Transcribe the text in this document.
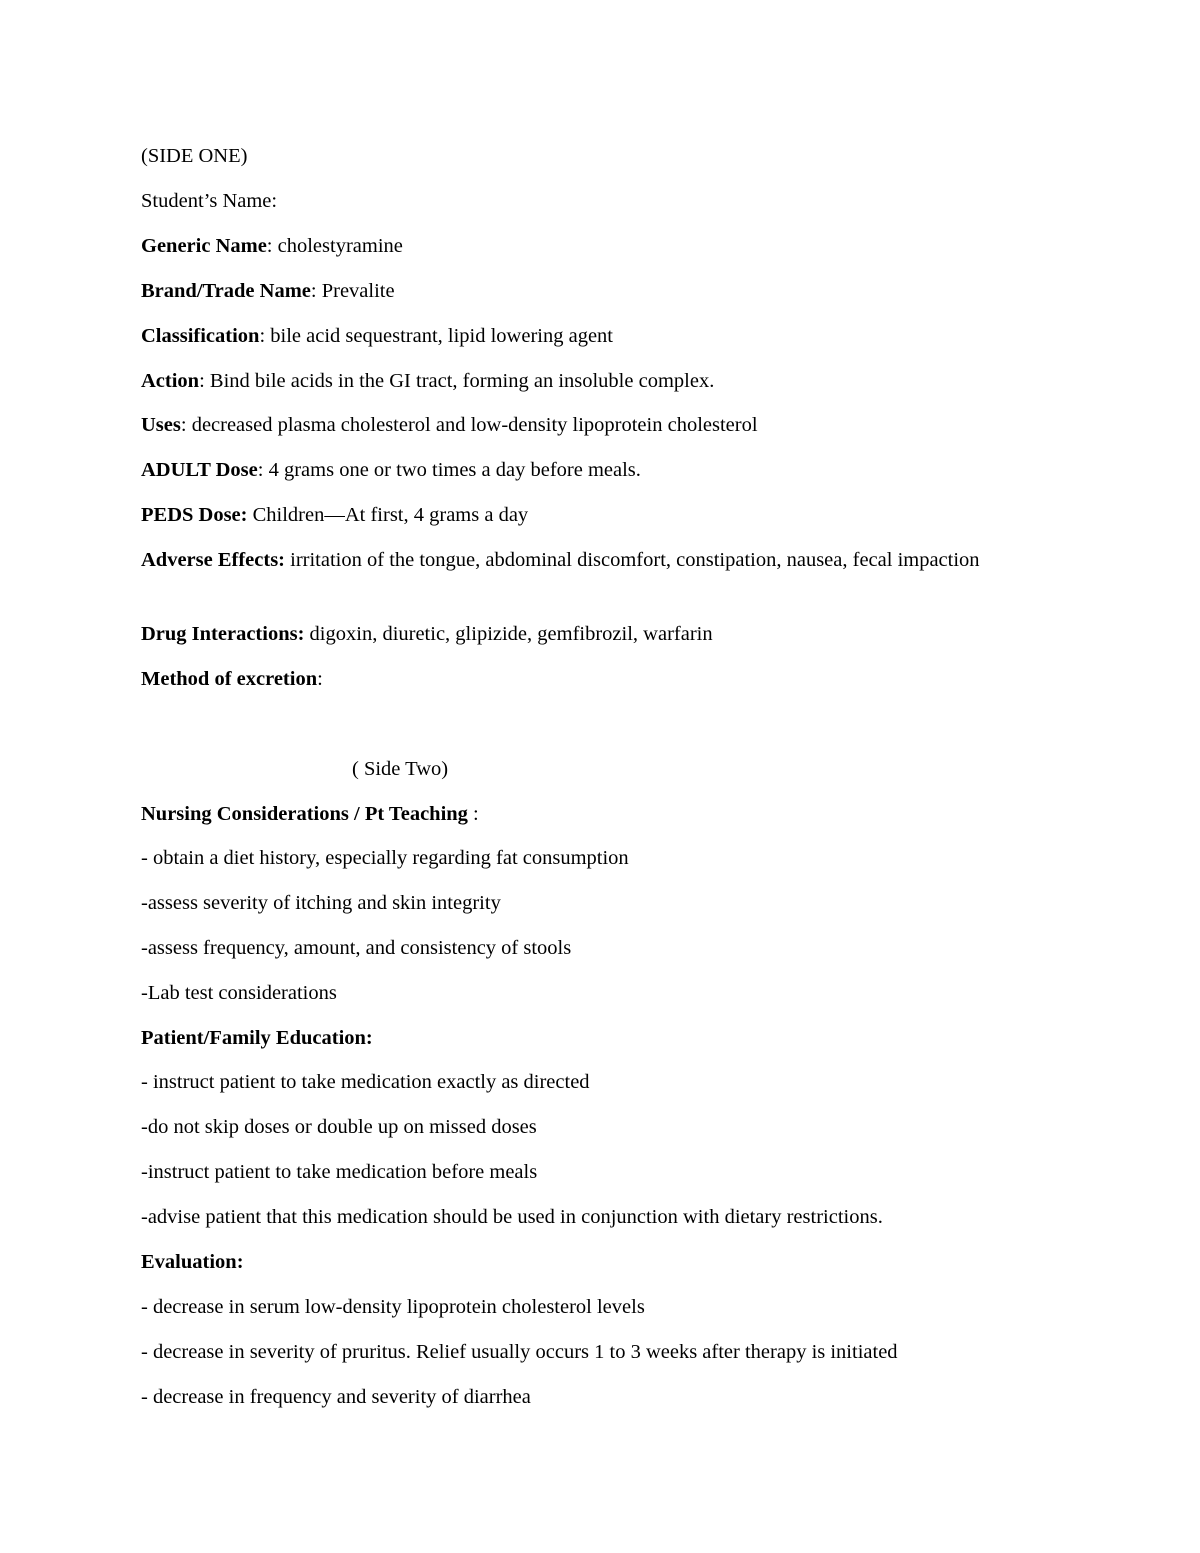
(SIDE ONE)
Student’s Name:
Generic Name: cholestyramine
Brand/Trade Name: Prevalite
Classification: bile acid sequestrant, lipid lowering agent
Action: Bind bile acids in the GI tract, forming an insoluble complex.
Uses: decreased plasma cholesterol and low-density lipoprotein cholesterol
ADULT Dose: 4 grams one or two times a day before meals.
PEDS Dose: Children—At first, 4 grams a day
Adverse Effects: irritation of the tongue, abdominal discomfort, constipation, nausea, fecal impaction
Drug Interactions: digoxin, diuretic, glipizide, gemfibrozil, warfarin
Method of excretion:
( Side Two)
Nursing Considerations / Pt Teaching :
- obtain a diet history, especially regarding fat consumption
-assess severity of itching and skin integrity
-assess frequency, amount, and consistency of stools
-Lab test considerations
Patient/Family Education:
- instruct patient to take medication exactly as directed
-do not skip doses or double up on missed doses
-instruct patient to take medication before meals
-advise patient that this medication should be used in conjunction with dietary restrictions.
Evaluation:
- decrease in serum low-density lipoprotein cholesterol levels
- decrease in severity of pruritus. Relief usually occurs 1 to 3 weeks after therapy is initiated
- decrease in frequency and severity of diarrhea
